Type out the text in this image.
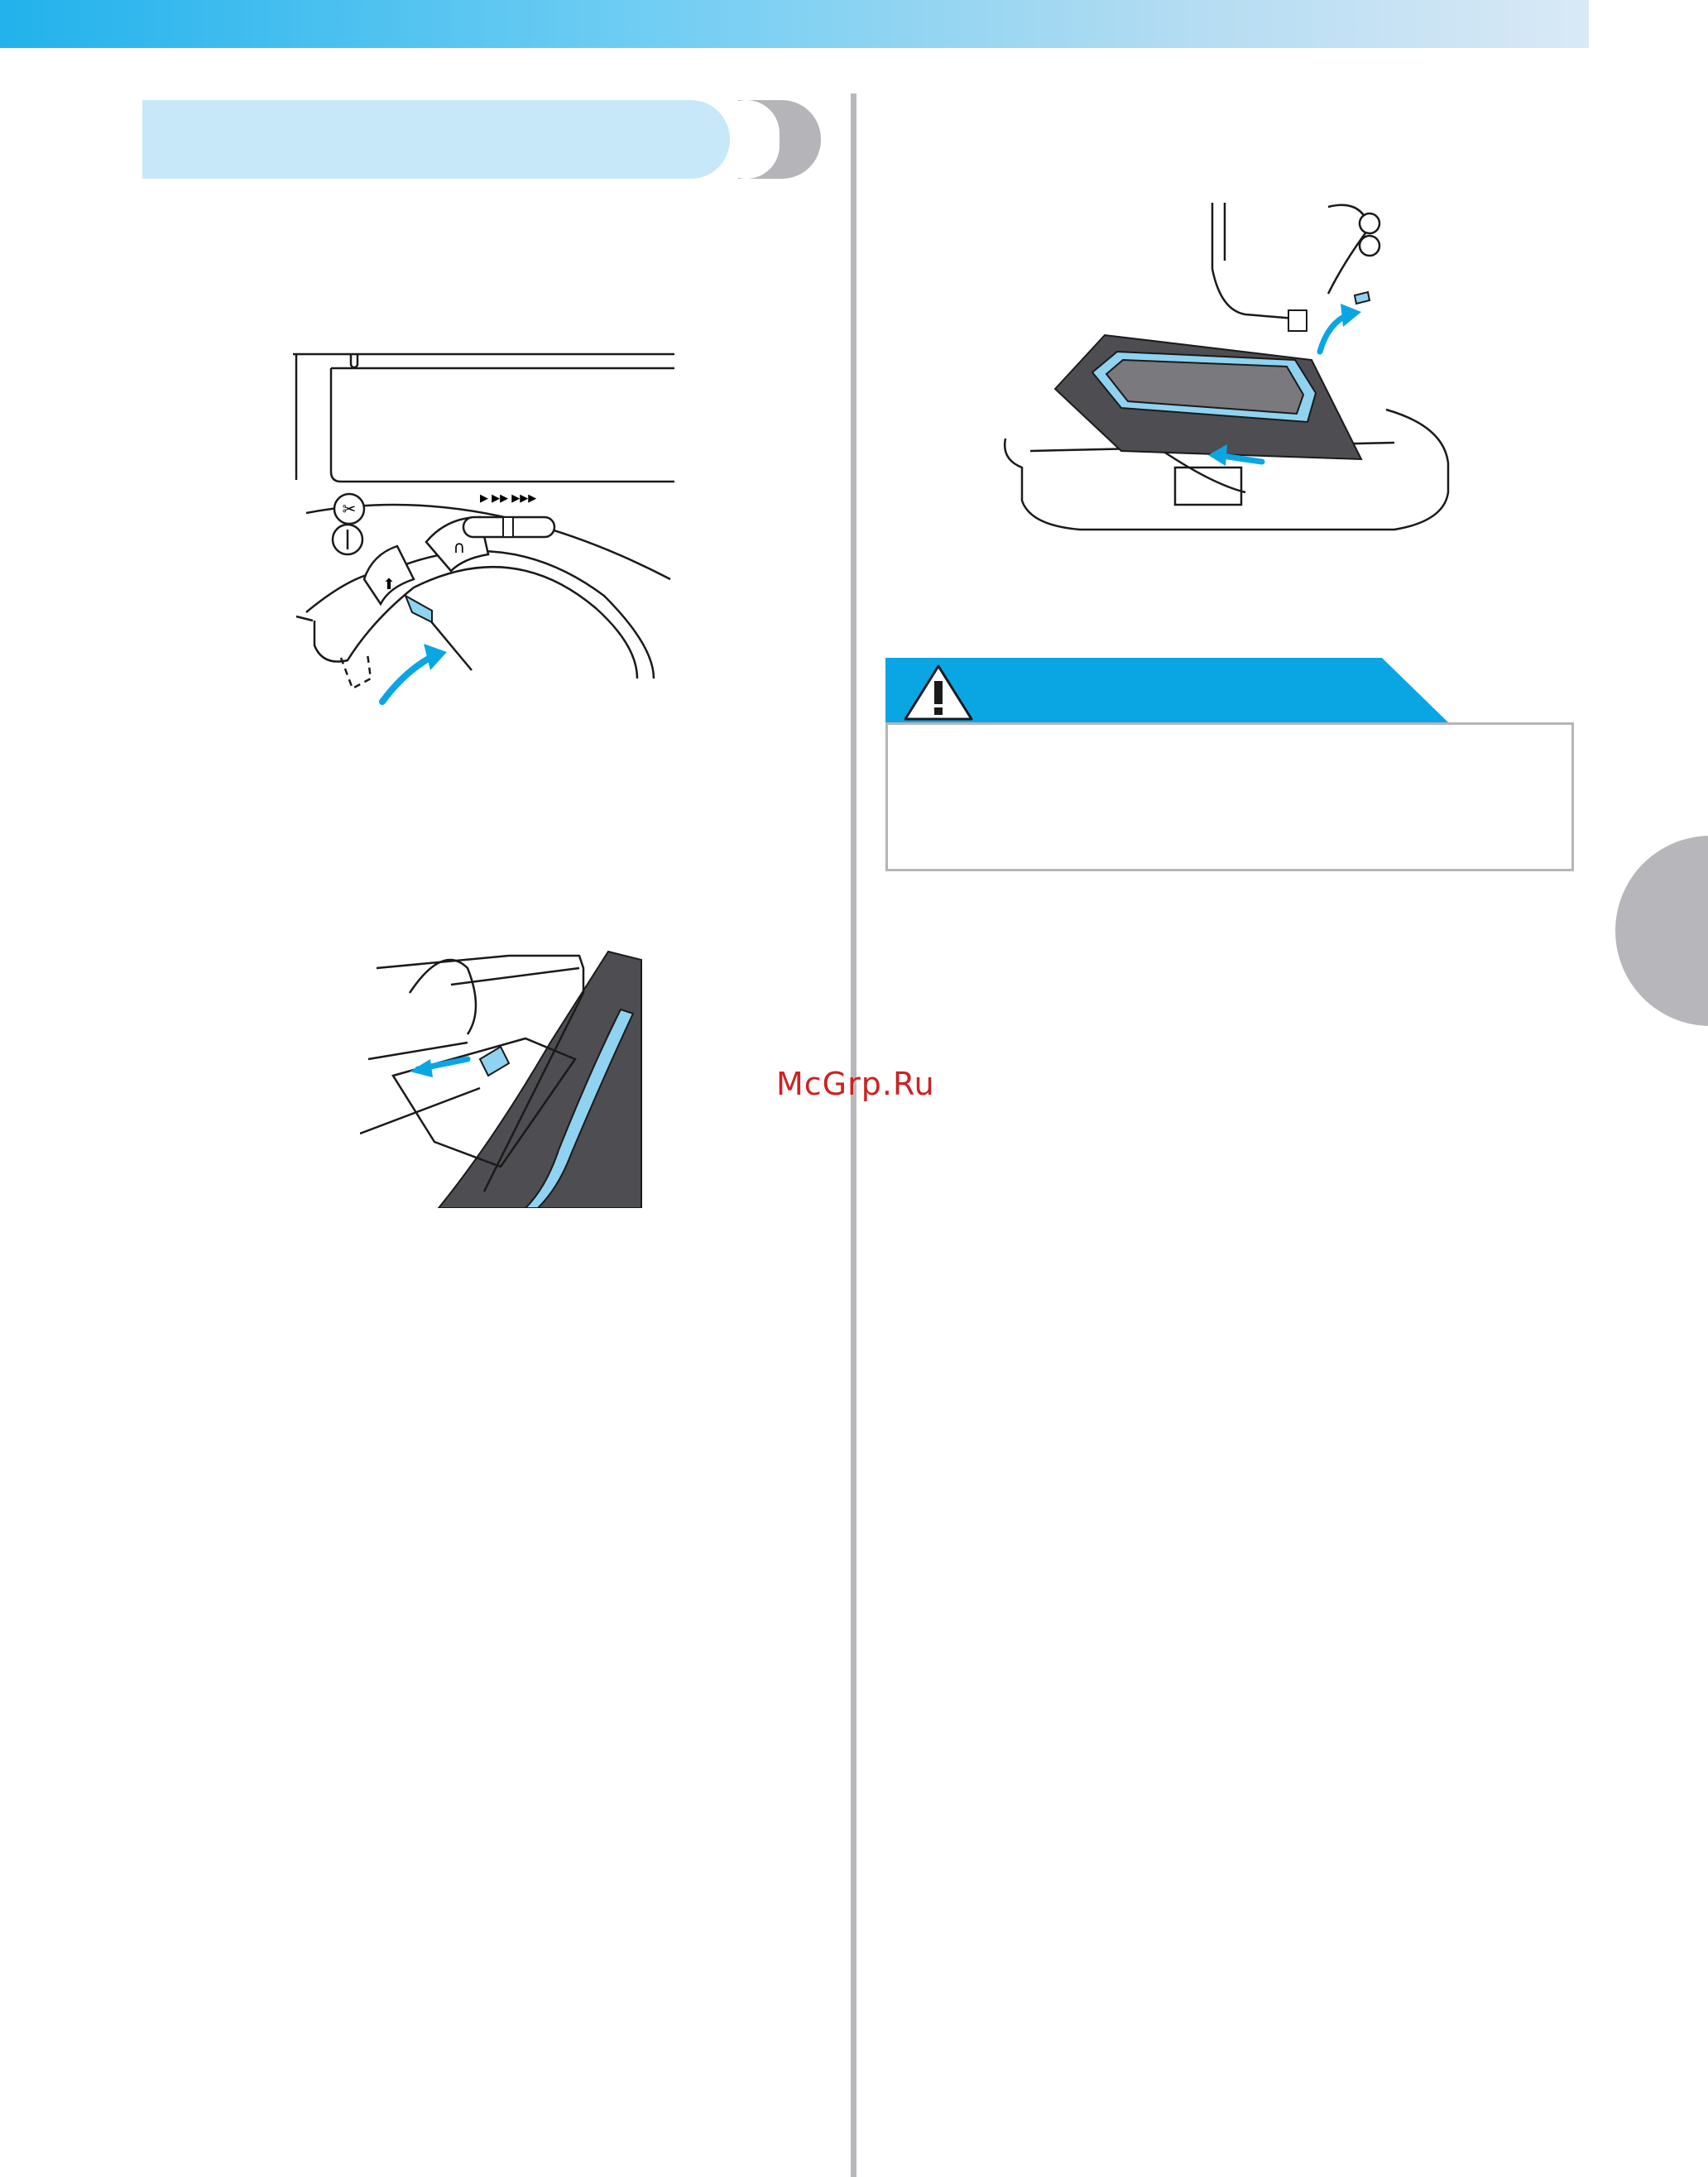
✂
⬆
∩
▶ ▶▶ ▶▶▶
McGrp.Ru
